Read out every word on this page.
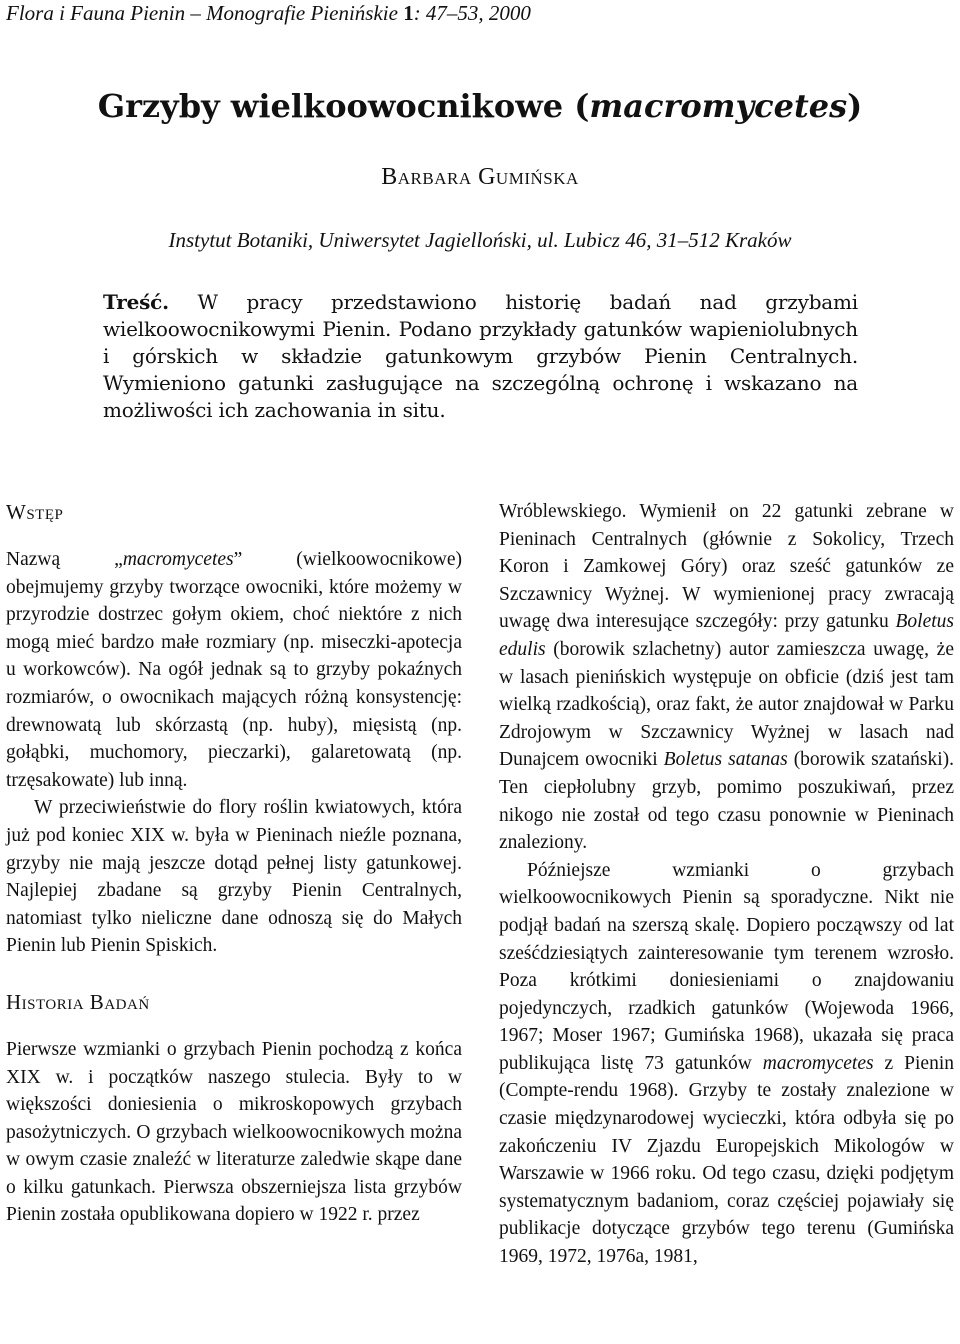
Flora i Fauna Pienin – Monografie Pienińskie 1: 47–53, 2000
Grzyby wielkoowocnikowe (macromycetes)
Barbara Gumińska
Instytut Botaniki, Uniwersytet Jagielloński, ul. Lubicz 46, 31–512 Kraków
Treść. W pracy przedstawiono historię badań nad grzybami wielkoowocnikowymi Pienin. Podano przykłady gatunków wapieniolubnych i górskich w składzie gatunkowym grzybów Pienin Centralnych. Wymieniono gatunki zasługujące na szczególną ochronę i wskazano na możliwości ich zachowania in situ.
Wstęp

Nazwą „macromycetes” (wielkoowocnikowe) obejmujemy grzyby tworzące owocniki, które możemy w przyrodzie dostrzec gołym okiem, choć niektóre z nich mogą mieć bardzo małe rozmiary (np. miseczki-apotecja u workowców). Na ogół jednak są to grzyby pokaźnych rozmiarów, o owocnikach mających różną konsystencję: drewnowatą lub skórzastą (np. huby), mięsistą (np. gołąbki, muchomory, pieczarki), galaretowatą (np. trzęsakowate) lub inną.

W przeciwieństwie do flory roślin kwiatowych, która już pod koniec XIX w. była w Pieninach nieźle poznana, grzyby nie mają jeszcze dotąd pełnej listy gatunkowej. Najlepiej zbadane są grzyby Pienin Centralnych, natomiast tylko nieliczne dane odnoszą się do Małych Pienin lub Pienin Spiskich.

Historia Badań

Pierwsze wzmianki o grzybach Pienin pochodzą z końca XIX w. i początków naszego stulecia. Były to w większości doniesienia o mikroskopowych grzybach pasożytniczych. O grzybach wielkoowocnikowych można w owym czasie znaleźć w literaturze zaledwie skąpe dane o kilku gatunkach. Pierwsza obszerniejsza lista grzybów Pienin została opublikowana dopiero w 1922 r. przez

Wróblewskiego. Wymienił on 22 gatunki zebrane w Pieninach Centralnych (głównie z Sokolicy, Trzech Koron i Zamkowej Góry) oraz sześć gatunków ze Szczawnicy Wyżnej. W wymienionej pracy zwracają uwagę dwa interesujące szczegóły: przy gatunku Boletus edulis (borowik szlachetny) autor zamieszcza uwagę, że w lasach pienińskich występuje on obficie (dziś jest tam wielką rzadkością), oraz fakt, że autor znajdował w Parku Zdrojowym w Szczawnicy Wyżnej w lasach nad Dunajcem owocniki Boletus satanas (borowik szatański). Ten ciepłolubny grzyb, pomimo poszukiwań, przez nikogo nie został od tego czasu ponownie w Pieninach znaleziony.

Późniejsze wzmianki o grzybach wielkoowocnikowych Pienin są sporadyczne. Nikt nie podjął badań na szerszą skalę. Dopiero począwszy od lat sześćdziesiątych zainteresowanie tym terenem wzrosło. Poza krótkimi doniesieniami o znajdowaniu pojedynczych, rzadkich gatunków (Wojewoda 1966, 1967; Moser 1967; Gumińska 1968), ukazała się praca publikująca listę 73 gatunków macromycetes z Pienin (Compte-rendu 1968). Grzyby te zostały znalezione w czasie międzynarodowej wycieczki, która odbyła się po zakończeniu IV Zjazdu Europejskich Mikologów w Warszawie w 1966 roku. Od tego czasu, dzięki podjętym systematycznym badaniom, coraz częściej pojawiały się publikacje dotyczące grzybów tego terenu (Gumińska 1969, 1972, 1976a, 1981,
